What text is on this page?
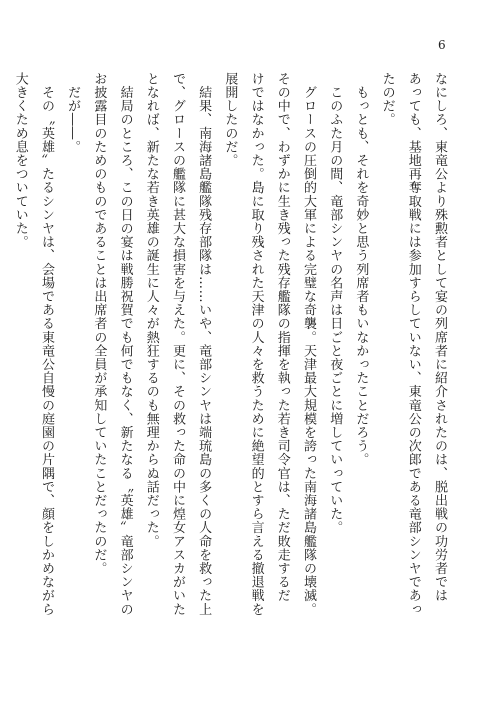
6

なにしろ、東竜公より殊勲者として宴の列席者に紹介されたのは、脱出戦の功労者では

あっても、基地再奪取戦には参加すらしていない、東竜公の次郎である竜部シンヤであっ

たのだ。

　もっとも、それを奇妙と思う列席者もいなかったことだろう。

　このふた月の間、竜部シンヤの名声は日ごと夜ごとに増していっていた。

　グロースの圧倒的大軍による完璧な奇襲。天津最大規模を誇った南海諸島艦隊の壊滅。

その中で、わずかに生き残った残存艦隊の指揮を執った若き司令官は、ただ敗走するだ

けではなかった。島に取り残された天津の人々を救うために絶望的とすら言える撤退戦を

展開したのだ。

　結果、南海諸島艦隊残存部隊は……いや、竜部シンヤは端琉島の多くの人命を救った上

で、グロースの艦隊に甚大な損害を与えた。更に、その救った命の中に煌女アスカがいた

となれば、新たな若き英雄の誕生に人々が熱狂するのも無理からぬ話だった。

　結局のところ、この日の宴は戦勝祝賀でも何でもなく、新たなる〝英雄〟竜部シンヤの

お披露目のためのものであることは出席者の全員が承知していたことだったのだ。

　だが――。

　その〝英雄〟たるシンヤは、会場である東竜公自慢の庭園の片隅で、顔をしかめながら

大きくため息をついていた。
